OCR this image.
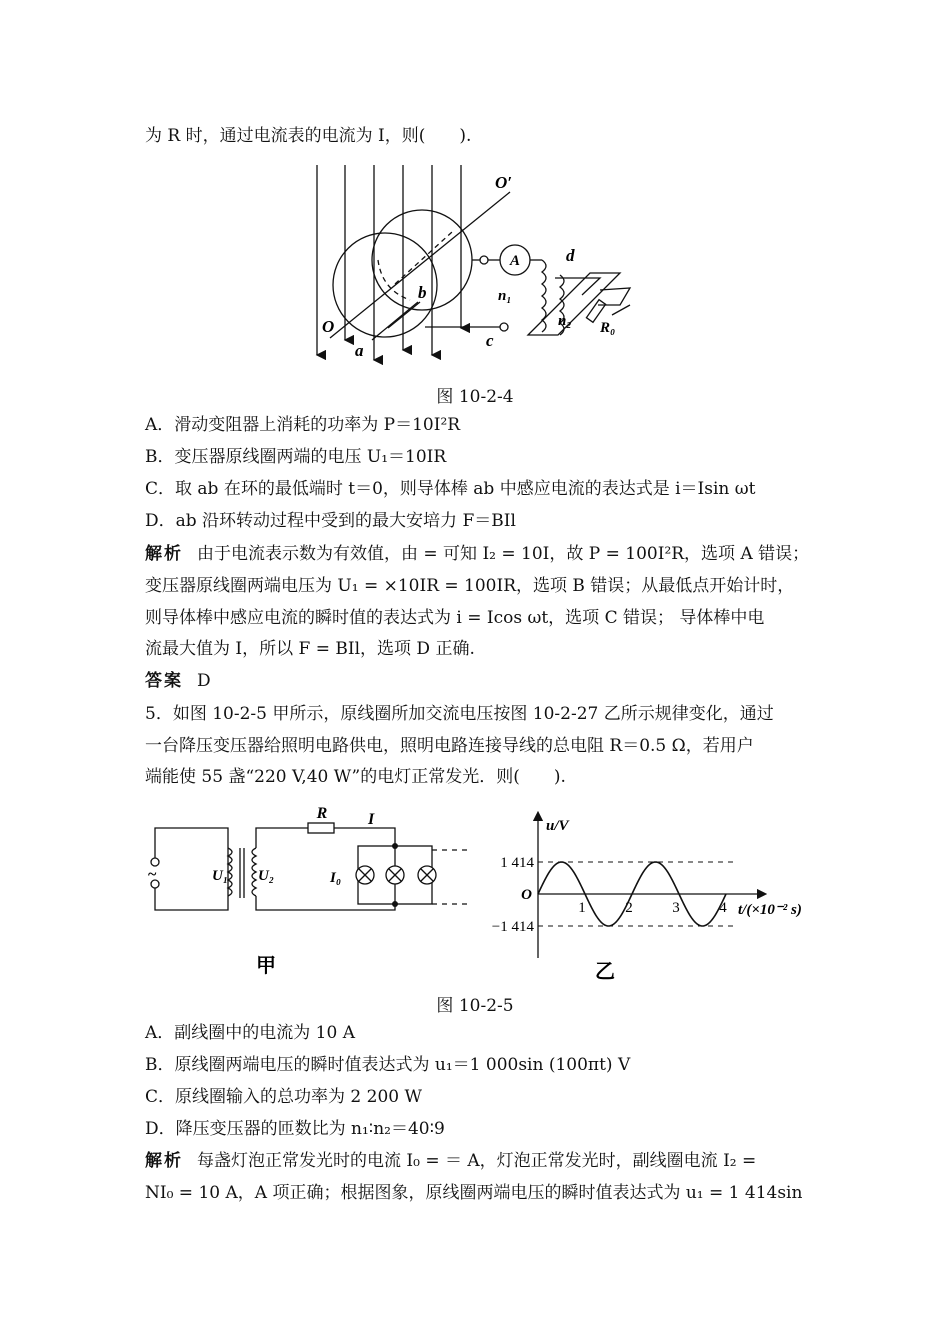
为 R 时，通过电流表的电流为 I，则(　　).
A
O′
O
a
b
c
d
n₁
n₂ R₀
图 10-2-4
A．滑动变阻器上消耗的功率为 P＝10I²R
B．变压器原线圈两端的电压 U₁＝10IR
C．取 ab 在环的最低端时 t＝0，则导体棒 ab 中感应电流的表达式是 i＝Isin ωt
D．ab 沿环转动过程中受到的最大安培力 F＝BIl
解析 由于电流表示数为有效值，由 = 可知 I₂ = 10I，故 P = 100I²R，选项 A 错误；
变压器原线圈两端电压为 U₁ = ×10IR = 100IR，选项 B 错误；从最低点开始计时，
则导体棒中感应电流的瞬时值的表达式为 i = Icos ωt，选项 C 错误； 导体棒中电
流最大值为 I，所以 F = BIl，选项 D 正确.
答案 D
5．如图 10-2-5 甲所示，原线圈所加交流电压按图 10-2-27 乙所示规律变化，通过
一台降压变压器给照明电路供电，照明电路连接导线的总电阻 R＝0.5 Ω，若用户
端能使 55 盏“220 V,40 W”的电灯正常发光．则(　　).
R	I
U₁ U₂	I₀
~
甲
1	2	3	4
1 414
O
−1 414
u/V
t/(×10⁻² s)
乙
图 10-2-5
A．副线圈中的电流为 10 A
B．原线圈两端电压的瞬时值表达式为 u₁＝1 000sin (100πt) V
C．原线圈输入的总功率为 2 200 W
D．降压变压器的匝数比为 n₁∶n₂＝40∶9
解析 每盏灯泡正常发光时的电流 I₀ = ＝ A，灯泡正常发光时，副线圈电流 I₂ =
NI₀ = 10 A，A 项正确；根据图象，原线圈两端电压的瞬时值表达式为 u₁ = 1 414sin
